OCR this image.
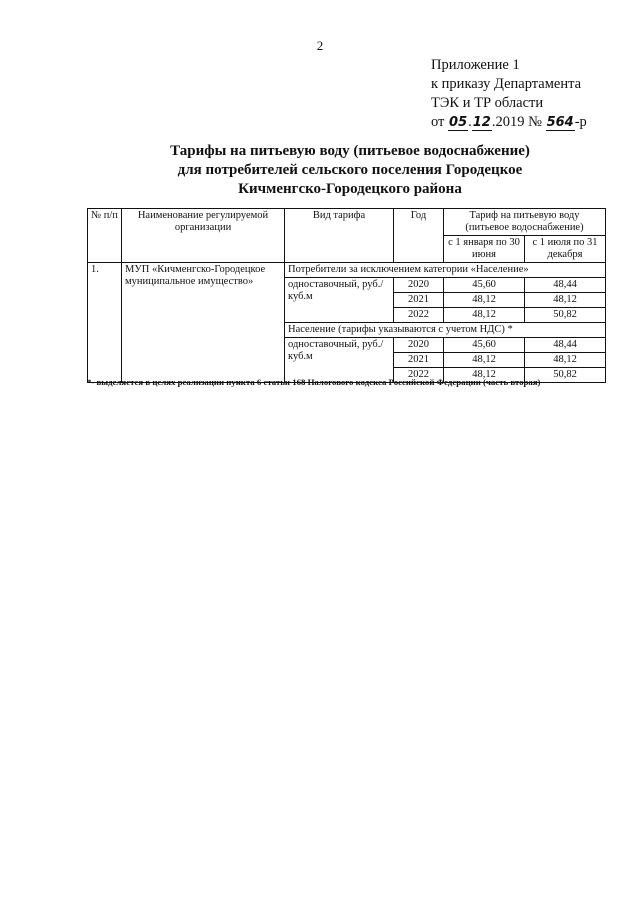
2
Приложение 1
к приказу Департамента
ТЭК и ТР области
от 05.12.2019 № 564-р
Тарифы на питьевую воду (питьевое водоснабжение)
для потребителей сельского поселения Городецкое
Кичменгско-Городецкого района
№ п/п	Наименование регулируемой организации	Вид тарифа	Год	Тариф на питьевую воду (питьевое водоснабжение)	
				с 1 января по 30 июня	с 1 июля по 31 декабря
1.	МУП «Кичменгско-Городецкое муниципальное имущество»	Потребители за исключением категории «Население»			
		одноставочный, руб./куб.м	2020	45,60	48,44
			2021	48,12	48,12
			2022	48,12	50,82
		Население (тарифы указываются с учетом НДС) *			
		одноставочный, руб./куб.м	2020	45,60	48,44
			2021	48,12	48,12
			2022	48,12	50,82
*- выделяется в целях реализации пункта 6 статьи 168 Налогового кодекса Российской Федерации (часть вторая)
